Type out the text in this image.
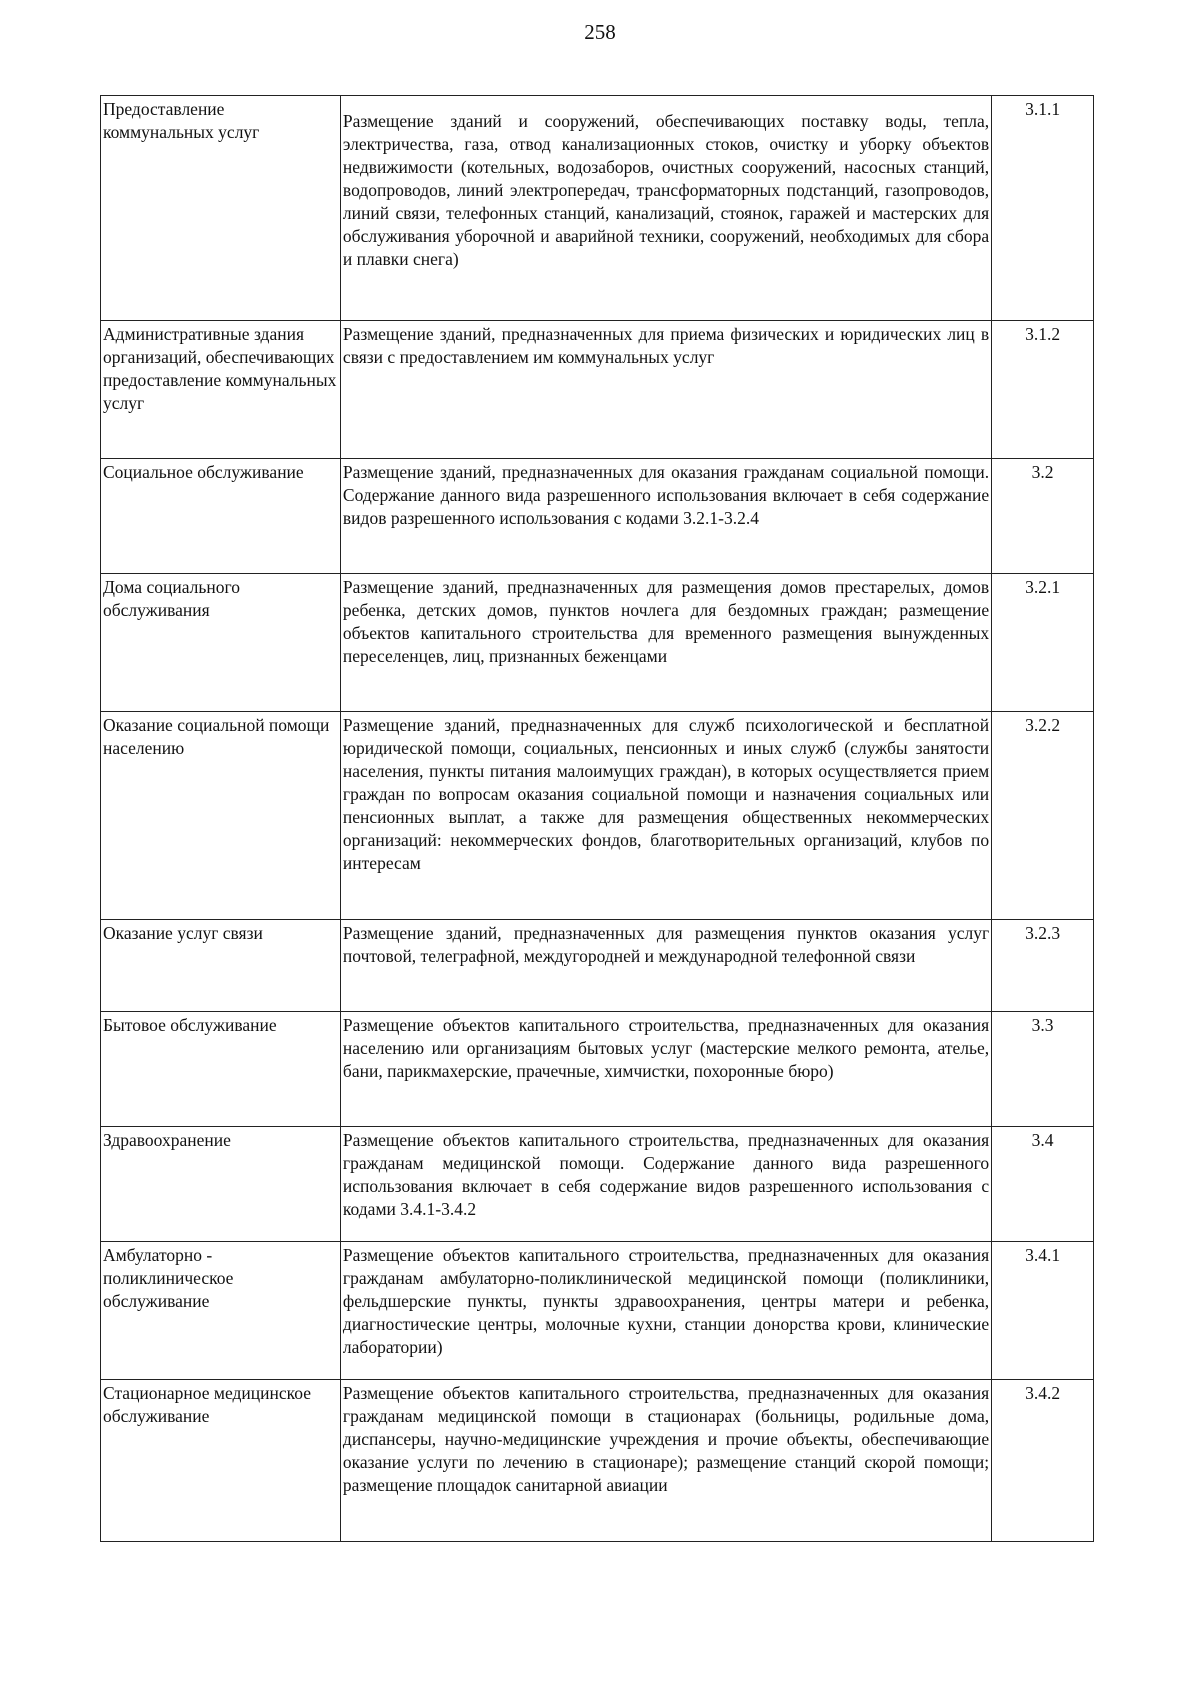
258
Предоставление коммунальных услуг	Размещение зданий и сооружений, обеспечивающих поставку воды, тепла, электричества, газа, отвод канализационных стоков, очистку и уборку объектов недвижимости (котельных, водозаборов, очистных сооружений, насосных станций, водопроводов, линий электропередач, трансформаторных подстанций, газопроводов, линий связи, телефонных станций, канализаций, стоянок, гаражей и мастерских для обслуживания уборочной и аварийной техники, сооружений, необходимых для сбора и плавки снега)	3.1.1

Административные здания организаций, обеспечивающих предоставление коммунальных услуг	Размещение зданий, предназначенных для приема физических и юридических лиц в связи с предоставлением им коммунальных услуг	3.1.2

Социальное обслуживание	Размещение зданий, предназначенных для оказания гражданам социальной помощи. Содержание данного вида разрешенного использования включает в себя содержание видов разрешенного использования с кодами 3.2.1-3.2.4	3.2

Дома социального обслуживания	Размещение зданий, предназначенных для размещения домов престарелых, домов ребенка, детских домов, пунктов ночлега для бездомных граждан; размещение объектов капитального строительства для временного размещения вынужденных переселенцев, лиц, признанных беженцами	3.2.1

Оказание социальной помощи населению	Размещение зданий, предназначенных для служб психологической и бесплатной юридической помощи, социальных, пенсионных и иных служб (службы занятости населения, пункты питания малоимущих граждан), в которых осуществляется прием граждан по вопросам оказания социальной помощи и назначения социальных или пенсионных выплат, а также для размещения общественных некоммерческих организаций: некоммерческих фондов, благотворительных организаций, клубов по интересам	3.2.2

Оказание услуг связи	Размещение зданий, предназначенных для размещения пунктов оказания услуг почтовой, телеграфной, междугородней и международной телефонной связи	3.2.3

Бытовое обслуживание	Размещение объектов капитального строительства, предназначенных для оказания населению или организациям бытовых услуг (мастерские мелкого ремонта, ателье, бани, парикмахерские, прачечные, химчистки, похоронные бюро)	3.3

Здравоохранение	Размещение объектов капитального строительства, предназначенных для оказания гражданам медицинской помощи. Содержание данного вида разрешенного использования включает в себя содержание видов разрешенного использования с кодами 3.4.1-3.4.2	3.4

Амбулаторно - поликлиническое обслуживание	Размещение объектов капитального строительства, предназначенных для оказания гражданам амбулаторно-поликлинической медицинской помощи (поликлиники, фельдшерские пункты, пункты здравоохранения, центры матери и ребенка, диагностические центры, молочные кухни, станции донорства крови, клинические лаборатории)	3.4.1

Стационарное медицинское обслуживание	Размещение объектов капитального строительства, предназначенных для оказания гражданам медицинской помощи в стационарах (больницы, родильные дома, диспансеры, научно-медицинские учреждения и прочие объекты, обеспечивающие оказание услуги по лечению в стационаре); размещение станций скорой помощи; размещение площадок санитарной авиации	3.4.2
